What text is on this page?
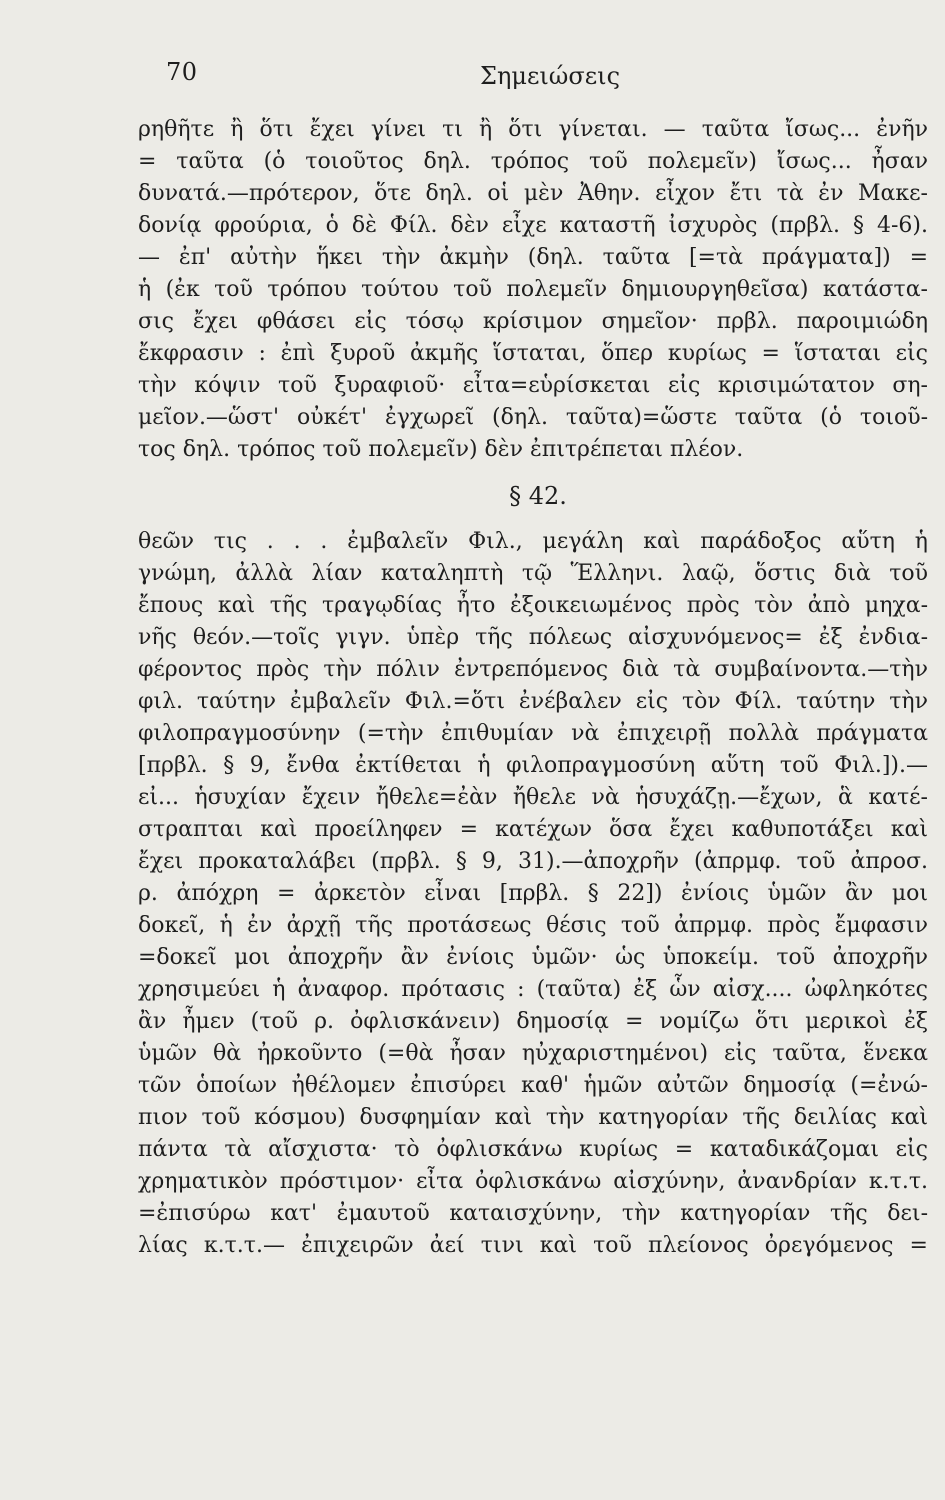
70	Σημειώσεις
ρηθῆτε ἢ ὅτι ἔχει γίνει τι ἢ ὅτι γίνεται. — ταῦτα ἴσως... ἐνῆν
= ταῦτα (ὁ τοιοῦτος δηλ. τρόπος τοῦ πολεμεῖν) ἴσως... ἦσαν
δυνατά.—πρότερον, ὅτε δηλ. οἱ μὲν Ἀθην. εἶχον ἔτι τὰ ἐν Μακε-
δονίᾳ φρούρια, ὁ δὲ Φίλ. δὲν εἶχε καταστῆ ἰσχυρὸς (πρβλ. § 4-6).
— ἐπ' αὐτὴν ἥκει τὴν ἀκμὴν (δηλ. ταῦτα [=τὰ πράγματα]) =
ἡ (ἐκ τοῦ τρόπου τούτου τοῦ πολεμεῖν δημιουργηθεῖσα) κατάστα-
σις ἔχει φθάσει εἰς τόσῳ κρίσιμον σημεῖον· πρβλ. παροιμιώδη
ἔκφρασιν : ἐπὶ ξυροῦ ἀκμῆς ἵσταται, ὅπερ κυρίως = ἵσταται εἰς
τὴν κόψιν τοῦ ξυραφιοῦ· εἶτα=εὑρίσκεται εἰς κρισιμώτατον ση-
μεῖον.—ὥστ' οὐκέτ' ἐγχωρεῖ (δηλ. ταῦτα)=ὥστε ταῦτα (ὁ τοιοῦ-
τος δηλ. τρόπος τοῦ πολεμεῖν) δὲν ἐπιτρέπεται πλέον.
§ 42.
θεῶν τις . . . ἐμβαλεῖν Φιλ., μεγάλη καὶ παράδοξος αὕτη ἡ
γνώμη, ἀλλὰ λίαν καταληπτὴ τῷ Ἕλληνι. λαῷ, ὅστις διὰ τοῦ
ἔπους καὶ τῆς τραγῳδίας ἦτο ἐξοικειωμένος πρὸς τὸν ἀπὸ μηχα-
νῆς θεόν.—τοῖς γιγν. ὑπὲρ τῆς πόλεως αἰσχυνόμενος= ἐξ ἐνδια-
φέροντος πρὸς τὴν πόλιν ἐντρεπόμενος διὰ τὰ συμβαίνοντα.—τὴν
φιλ. ταύτην ἐμβαλεῖν Φιλ.=ὅτι ἐνέβαλεν εἰς τὸν Φίλ. ταύτην τὴν
φιλοπραγμοσύνην (=τὴν ἐπιθυμίαν νὰ ἐπιχειρῇ πολλὰ πράγματα
[πρβλ. § 9, ἔνθα ἐκτίθεται ἡ φιλοπραγμοσύνη αὕτη τοῦ Φιλ.]).—
εἰ... ἡσυχίαν ἔχειν ἤθελε=ἐὰν ἤθελε νὰ ἡσυχάζῃ.—ἔχων, ἃ κατέ-
στραπται καὶ προείληφεν = κατέχων ὅσα ἔχει καθυποτάξει καὶ
ἔχει προκαταλάβει (πρβλ. § 9, 31).—ἀποχρῆν (ἀπρμφ. τοῦ ἀπροσ.
ρ. ἀπόχρη = ἀρκετὸν εἶναι [πρβλ. § 22]) ἐνίοις ὑμῶν ἂν μοι
δοκεῖ, ἡ ἐν ἀρχῇ τῆς προτάσεως θέσις τοῦ ἀπρμφ. πρὸς ἔμφασιν
=δοκεῖ μοι ἀποχρῆν ἂν ἐνίοις ὑμῶν· ὡς ὑποκείμ. τοῦ ἀποχρῆν
χρησιμεύει ἡ ἀναφορ. πρότασις : (ταῦτα) ἐξ ὧν αἰσχ.... ὠφληκότες
ἂν ἦμεν (τοῦ ρ. ὀφλισκάνειν) δημοσίᾳ = νομίζω ὅτι μερικοὶ ἐξ
ὑμῶν θὰ ἠρκοῦντο (=θὰ ἦσαν ηὐχαριστημένοι) εἰς ταῦτα, ἕνεκα
τῶν ὁποίων ἠθέλομεν ἐπισύρει καθ' ἡμῶν αὐτῶν δημοσίᾳ (=ἐνώ-
πιον τοῦ κόσμου) δυσφημίαν καὶ τὴν κατηγορίαν τῆς δειλίας καὶ
πάντα τὰ αἴσχιστα· τὸ ὀφλισκάνω κυρίως = καταδικάζομαι εἰς
χρηματικὸν πρόστιμον· εἶτα ὀφλισκάνω αἰσχύνην, ἀνανδρίαν κ.τ.τ.
=ἐπισύρω κατ' ἐμαυτοῦ καταισχύνην, τὴν κατηγορίαν τῆς δει-
λίας κ.τ.τ.— ἐπιχειρῶν ἀεί τινι καὶ τοῦ πλείονος ὀρεγόμενος =
